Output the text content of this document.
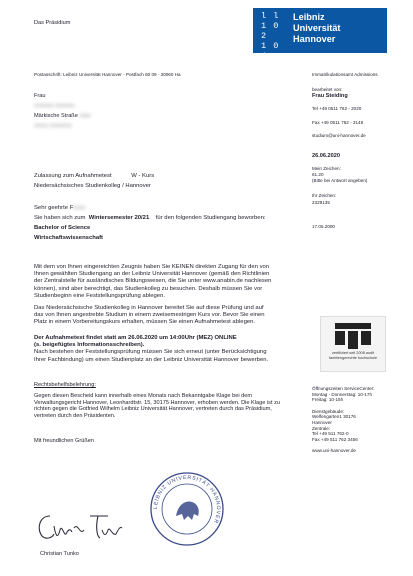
Das Präsidium
l l
1 0 2
1 0 4
Leibniz
Universität
Hannover
Postanschrift: Leibniz Universität Hannover · Postfach 60 09 · 30060 Ha	Immatrikulationsamt Admissions
Frau
xxxxxxx xxxxxxx
Märkische Straße xxxx
xxxxx xxxxxxxx
bearbeitet von:
Frau Steiding
Tel +49 0511 762 - 2020
Fax +49 0511 762 - 3148
studium@uni-hannover.de
26.06.2020
Mein Zeichen:
61.20
(Bitte bei Antwort angeben)
Ihr Zeichen:
2329135
17.05.2000
Zulassung zum Aufnahmetest	W - Kurs
Niedersächsisches Studienkolleg / Hannover
Sehr geehrte Fxxxx
Sie haben sich zum Wintersemester 20/21 für den folgenden Studiengang beworben:
Bachelor of Science
Wirtschaftswissenschaft
Mit dem von Ihnen eingereichten Zeugnis haben Sie KEINEN direkten Zugang für den von
Ihnen gewählten Studiengang an der Leibniz Universität Hannover (gemäß den Richtlinien
der Zentralstelle für ausländisches Bildungswesen, die Sie unter www.anabin.de nachlesen
können), sind aber berechtigt, das Studienkolleg zu besuchen. Deshalb müssen Sie vor
Studienbeginn eine Feststellungsprüfung ablegen.
Das Niedersächsische Studienkolleg in Hannover bereitet Sie auf diese Prüfung und auf
das von Ihnen angestrebte Studium in einem zweisemestrigen Kurs vor. Bevor Sie einen
Platz in einem Vorbereitungskurs erhalten, müssen Sie einen Aufnahmetest ablegen.
Der Aufnahmetest findet statt am 26.06.2020 um 14:00Uhr (MEZ) ONLINE
(s. beigefügtes Informationsschreiben).
Nach bestehen der Feststellungsprüfung müssen Sie sich erneut (unter Berücksichtigung
Ihrer Fachbindung) um einen Studienplatz an der Leibniz Universität Hannover bewerben.
zertifiziert seit 2008 audit familiengerechte hochschule
Rechtsbehelfsbelehrung:
Gegen diesen Bescheid kann innerhalb eines Monats nach Bekanntgabe Klage bei dem
Verwaltungsgericht Hannover, Leonhardtstr. 15, 30175 Hannover, erhoben werden. Die Klage ist zu
richten gegen die Gotfried Wilhelm Leibniz Universität Hannover, vertreten durch das Präsidium,
vertreten durch den Präsidenten.
Mit freundlichen Grüßen
Öffnungszeiten ServiceCenter:
Montag - Donnerstag: 10-17h
Freitag: 10-15h
Dienstgebäude:
Welfengarten1 30176
Hannover
Zentrale:
Tel +49 511 762-0
Fax +49 511 762 3456
www.uni-hannover.de
Christian Tunko
LEIBNIZ UNIVERSITÄT HANNOVER
